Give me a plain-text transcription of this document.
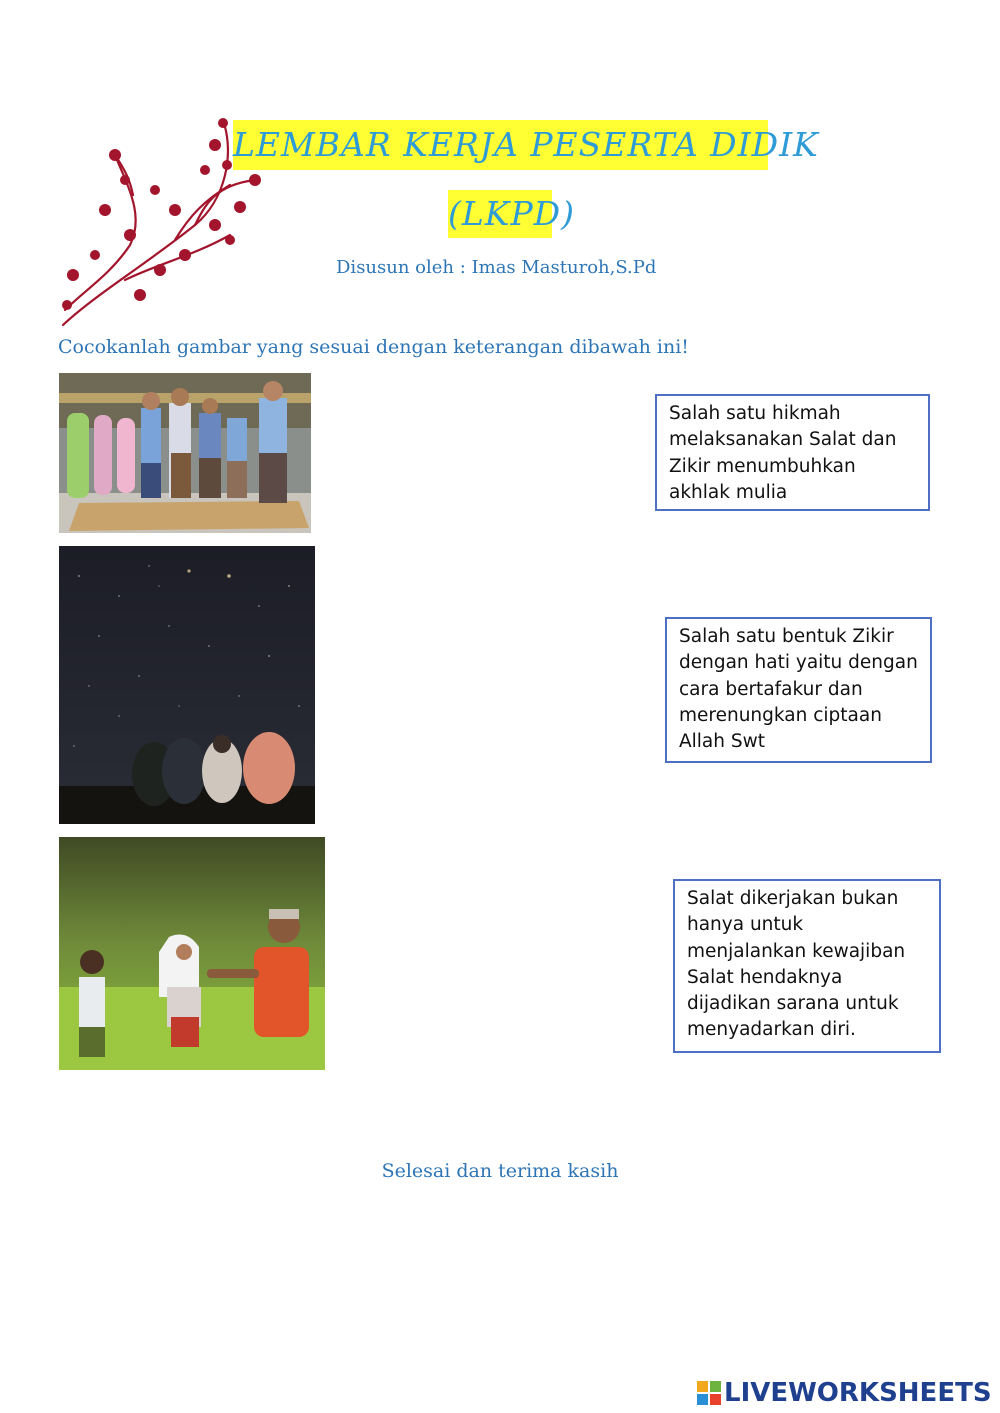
LEMBAR KERJA PESERTA DIDIK
(LKPD)
Disusun oleh : Imas Masturoh,S.Pd
Cocokanlah gambar yang sesuai dengan keterangan dibawah ini!
Salah satu hikmah
melaksanakan Salat dan
Zikir menumbuhkan
akhlak mulia
Salah satu bentuk Zikir
dengan hati yaitu dengan
cara bertafakur dan
merenungkan ciptaan
Allah Swt
Salat dikerjakan bukan
hanya untuk
menjalankan kewajiban
Salat hendaknya
dijadikan sarana untuk
menyadarkan diri.
Selesai dan terima kasih
LIVEWORKSHEETS
